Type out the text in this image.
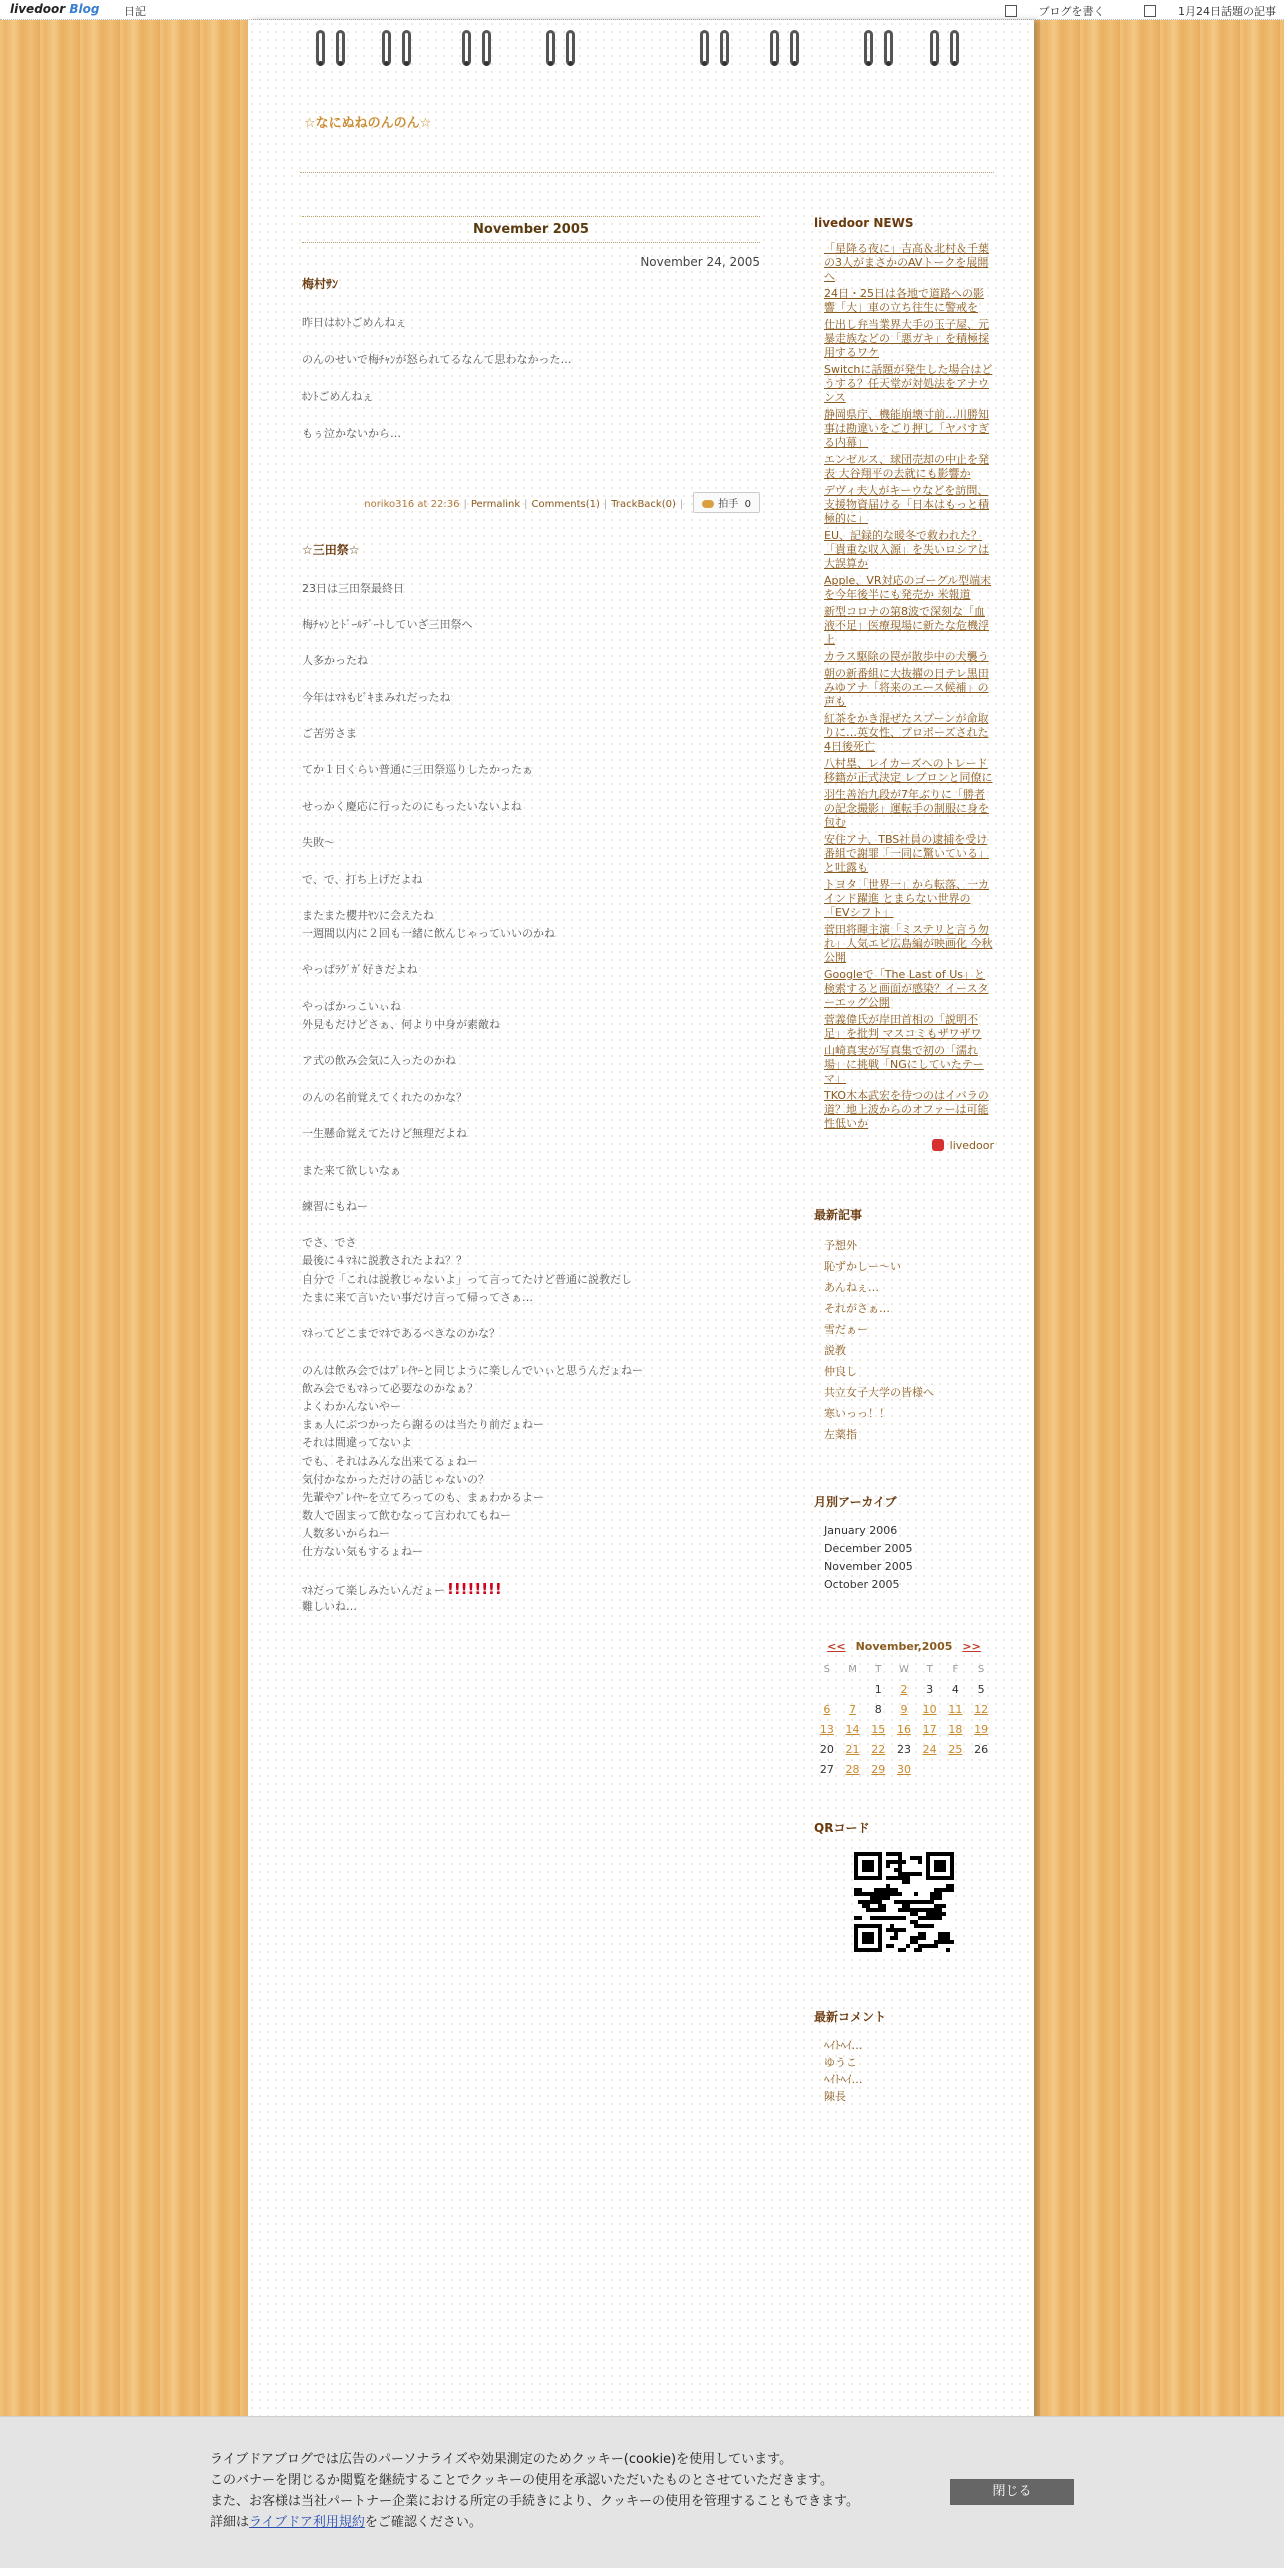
livedoor Blog 日記	ブログを書く	1月24日話題の記事
☆なにぬねのんのん☆
November 2005
November 24, 2005
梅村ｻﾝ
昨日はﾎﾝﾄごめんねぇ
のんのせいで梅ﾁｬﾝが怒られてるなんて思わなかった…
ﾎﾝﾄごめんねぇ
もぅ泣かないから…
noriko316 at 22:36 | Permalink | Comments(1) | TrackBack(0) |	拍手 0
☆三田祭☆
23日は三田祭最終日
梅ﾁｬﾝとﾄﾞｰﾙﾃﾞｰﾄしていざ三田祭へ
人多かったね
今年はﾏﾈもﾋﾞｷまみれだったね
ご苦労さま
てか１日くらい普通に三田祭巡りしたかったぁ
せっかく慶応に行ったのにもったいないよね
失敗～
で、で、打ち上げだよね
またまた櫻井ﾔﾝに会えたね
一週間以内に２回も一緒に飲んじゃっていいのかね
やっぱﾗｸﾞｶﾞ好きだよね
やっぱかっこいぃね
外見もだけどさぁ、何より中身が素敵ね
ア式の飲み会気に入ったのかね
のんの名前覚えてくれたのかな？
一生懸命覚えてたけど無理だよね
また来て欲しいなぁ
練習にもねー
でさ、でさ
最後に４ﾏﾈに説教されたよね？？
自分で「これは説教じゃないよ」って言ってたけど普通に説教だし
たまに来て言いたい事だけ言って帰ってさぁ…
ﾏﾈってどこまでﾏﾈであるべきなのかな？
のんは飲み会ではﾌﾟﾚｲﾔｰと同じように楽しんでいぃと思うんだょねー
飲み会でもﾏﾈって必要なのかなぁ？
よくわかんないやー
まぁ人にぶつかったら謝るのは当たり前だょねー
それは間違ってないよ
でも、それはみんな出来てるょねー
気付かなかっただけの話じゃないの？
先輩やﾌﾟﾚｲﾔｰを立てろってのも、まぁわかるよー
数人で固まって飲むなって言われてもねー
人数多いからねー
仕方ない気もするょねー
ﾏﾈだって楽しみたいんだょー !!!!!!!!
難しいね…
livedoor NEWS
「星降る夜に」吉高＆北村＆千葉の3人がまさかのAVトークを展開へ
24日・25日は各地で道路への影響「大」車の立ち往生に警戒を
仕出し弁当業界大手の玉子屋、元暴走族などの「悪ガキ」を積極採用するワケ
Switchに話題が発生した場合はどうする？任天堂が対処法をアナウンス
静岡県庁、機能崩壊寸前…川勝知事は勘違いをごり押し「ヤバすぎる内幕」
エンゼルス、球団売却の中止を発表 大谷翔平の去就にも影響か
デヴィ夫人がキーウなどを訪問、支援物資届ける「日本はもっと積極的に」
EU、記録的な暖冬で救われた？「貴重な収入源」を失いロシアは大誤算か
Apple、VR対応のゴーグル型端末を今年後半にも発売か 米報道
新型コロナの第8波で深刻な「血液不足」医療現場に新たな危機浮上
カラス駆除の罠が散歩中の犬襲う
朝の新番組に大抜擢の日テレ黒田みゆアナ「将来のエース候補」の声も
紅茶をかき混ぜたスプーンが命取りに…英女性、プロポーズされた4日後死亡
八村塁、レイカーズへのトレード移籍が正式決定 レブロンと同僚に
羽生善治九段が7年ぶりに「勝者の記念撮影」運転手の制服に身を包む
安住アナ、TBS社員の逮捕を受け番組で謝罪「一同に驚いている」と吐露も
トヨタ「世界一」から転落、一カインド躍進 とまらない世界の「EVシフト」
菅田将暉主演「ミステリと言う勿れ」人気エピ広島編が映画化 今秋公開
Googleで「The Last of Us」と検索すると画面が感染？イースターエッグ公開
菅義偉氏が岸田首相の「説明不足」を批判 マスコミもザワザワ
山崎真実が写真集で初の「濡れ場」に挑戦「NGにしていたテーマ」
TKO木本武宏を待つのはイバラの道？地上波からのオファーは可能性低いか
livedoor
最新記事
予想外
恥ずかしー～い
あんねぇ…
それがさぁ…
雪だぁー
説教
仲良し
共立女子大学の皆様へ
寒いっっ！！
左薬指
月別アーカイブ
January 2006
December 2005
November 2005
October 2005
<< November,2005 >>
S	M	T	W	T	F	S
		1	2	3	4	5
6	7	8	9	10	11	12
13	14	15	16	17	18	19
20	21	22	23	24	25	26
27	28	29	30			
QRコード
最新コメント
ﾍｲﾄﾍｲ…
ゆうこ
ﾍｲﾄﾍｲ…
陳長
ライブドアブログでは広告のパーソナライズや効果測定のためクッキー(cookie)を使用しています。
このバナーを閉じるか閲覧を継続することでクッキーの使用を承認いただいたものとさせていただきます。
また、お客様は当社パートナー企業における所定の手続きにより、クッキーの使用を管理することもできます。
詳細はライブドア利用規約をご確認ください。
閉じる
